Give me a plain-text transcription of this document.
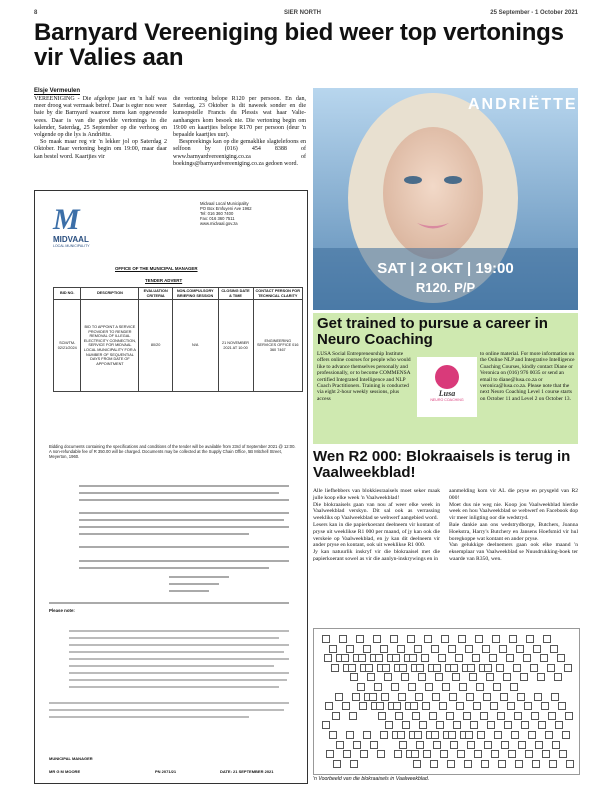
8	SIER NORTH	25 September - 1 October 2021
Barnyard Vereeniging bied weer top vertonings vir Valies aan
Elsje Vermeulen
VEREENIGING - Die afgelope jaar en 'n half was meer droog wat vermaak betref. Daar is egter nou weer baie by die Barnyard waaroor mens kan opgewonde wees. Daar is van die gewilde vertonings in die kalender, Saterdag, 25 September op die verhoog en volgende op die lys is Andriëtte.
So maak maar reg vir 'n lekker jol op Saterdag 2 Oktober. Haar vertoning begin om 19:00, maar daar kan bestel word. Kaartjies vir
die vertoning belope R120 per persoon. En dan, Saterdag, 23 Oktober is dit naweek sonder en die kunsopstelle Francis du Plessis wat haar Valie-aanhangers kom besoek nie. Die vertoning begin om 19:00 en kaartjies belope R170 per persoon (deur 'n bepaalde kaartjies uur).
Bespreekings kan op die gemaklike slagtelefoons en selfoon by (016) 454 8388 of www.barnyardvereeniging.co.za of boekings@barnyardvereeniging.co.za gedoen word.
ANDRIËTTE
SAT | 2 OKT | 19:00
R120. P/P
M
MIDVAAL
LOCAL MUNICIPALITY
Midvaal Local Municipality
PO Box Emfuyeni Ave 1962
Tel: 016 360 7400
Fax: 016 360 7511
www.midvaal.gov.za
OFFICE OF THE MUNICIPAL MANAGER
TENDER ADVERT
BID NO.	DESCRIPTION	EVALUATION CRITERIA	NON-COMPULSORY BRIEFING SESSION	CLOSING DATE & TIME	CONTACT PERSON FOR TECHNICAL CLARITY
SCM/TM-02/21/2024	BID TO APPOINT A SERVICE PROVIDER TO RENDER REMOVAL OF ILLEGAL ELECTRICITY CONNECTION, SERVICE FOR MIDVAAL LOCAL MUNICIPALITY FOR A NUMBER OF SEQUENTIAL DAYS FROM DATE OF APPOINTMENT	80/20	N/A	21 NOVEMBER 2021 AT 10:00	ENGINEERING SERVICES OFFICE 016 360 7467
Bidding documents containing the specifications and conditions of the tender will be available from 23rd of September 2021 @ 12:00. A non-refundable fee of R 350.00 will be charged. Documents may be collected at the Supply Chain Office, 5B Mitchell Street, Meyerton, 1960.
Please note:
MUNICIPAL MANAGER
MR G M MOORE	PN 2071/21	DATE: 21 SEPTEMBER 2021
Get trained to pursue a career in Neuro Coaching
LUSA Social Entrepreneurship Institute offers online courses for people who would like to advance themselves personally and professionally, or to become COMMENSA certified Integrated Intelligence and NLP Coach Practitioners. Training is conducted via eight 2-hour weekly sessions, plus access
Lusa
NEURO COACHING
to online material. For more information on the Online NLP and Integrative Intelligence Coaching Courses, kindly contact Diane or Veronica on (016) 976 0035 or send an email to diane@lusa.co.za or veronica@lusa.co.za. Please note that the next Neuro Coaching Level 1 course starts on October 11 and Level 2 on October 13.
Wen R2 000: Blokraaisels is terug in Vaalweekblad!
Alle liefhebbers van blokkiesraaisels moet seker maak julle koop elke week 'n Vaalweekblad!
Die blokraaisels gaan van nou af weer elke week in Vaalweekblad verskyn. Dit sal ook as verrassing weekliks op Vaalweekblad se webwerf aangebied word.
Lesers kan in die papierkoerant deelneem vir kontant of pryse uit weeklikse R1 000 per maand, of jy kan ook die verskeie op Vaalweekblad, en jy kan dit deelneem vir ander pryse en kontant, ook uit weeklikse R1 000.
Jy kan natuurlik inskryf vir die blokraaisel met die papierkoerant sowel as vir die aanlyn-inskrywings en in
aanmelding kom vir AL die pryse en prysgeld van R2 000!
Moet dus nie weg nie. Koop jou Vaalweekblad hierdie week en hou Vaalweekblad se webwerf en Facebook dop vir meer inligting oor die wedstryd.
Baie dankie aan ons wedstrydborge, Butchers, Joanna Hoekstra, Harry's Butchery en Jansens Hoefsmid vir hul boregkoppe wat kontant en ander pryse.
Van gelukkige deelnemers gaan ook elke maand 'n eksemplaar van Vaalweekblad se Nuusdrukking-boek ter waarde van R350, wen.
'n Voorbeeld van die blokraaisels in Vaalweekblad.
